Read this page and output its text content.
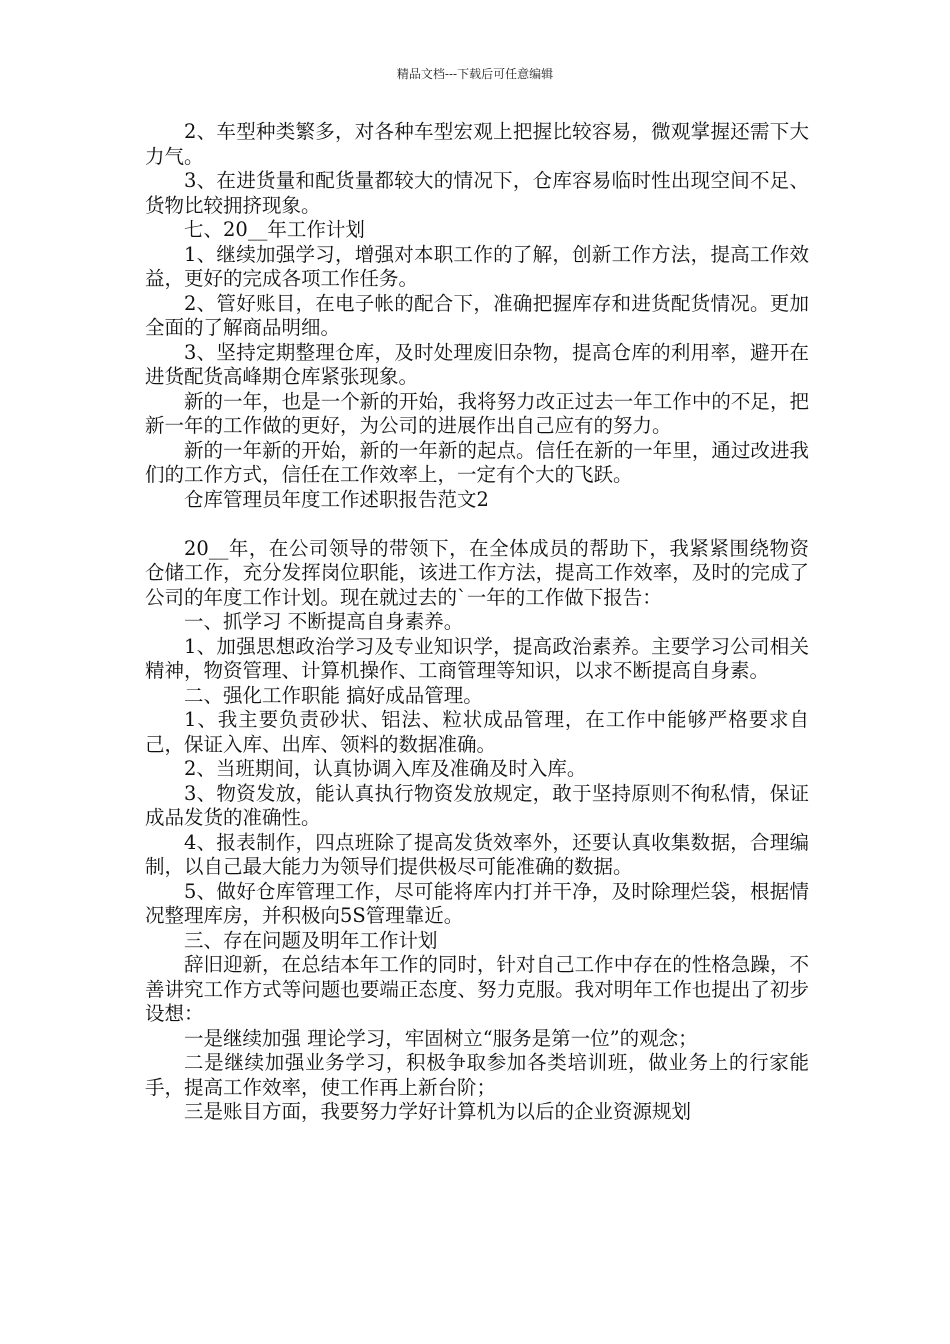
精品文档---下载后可任意编辑

2、车型种类繁多，对各种车型宏观上把握比较容易，微观掌握还需下大力气。

3、在进货量和配货量都较大的情况下，仓库容易临时性出现空间不足、货物比较拥挤现象。

七、20__年工作计划

1、继续加强学习，增强对本职工作的了解，创新工作方法，提高工作效益，更好的完成各项工作任务。

2、管好账目，在电子帐的配合下，准确把握库存和进货配货情况。更加全面的了解商品明细。

3、坚持定期整理仓库，及时处理废旧杂物，提高仓库的利用率，避开在进货配货高峰期仓库紧张现象。

新的一年，也是一个新的开始，我将努力改正过去一年工作中的不足，把新一年的工作做的更好，为公司的进展作出自己应有的努力。

新的一年新的开始，新的一年新的起点。信任在新的一年里，通过改进我们的工作方式，信任在工作效率上，一定有个大的飞跃。

仓库管理员年度工作述职报告范文2

20__年，在公司领导的带领下，在全体成员的帮助下，我紧紧围绕物资仓储工作，充分发挥岗位职能，该进工作方法，提高工作效率，及时的完成了公司的年度工作计划。现在就过去的`一年的工作做下报告：

一、抓学习 不断提高自身素养。

1、加强思想政治学习及专业知识学，提高政治素养。主要学习公司相关精神，物资管理、计算机操作、工商管理等知识，以求不断提高自身素。

二、强化工作职能 搞好成品管理。

1、我主要负责砂状、铝法、粒状成品管理，在工作中能够严格要求自己，保证入库、出库、领料的数据准确。

2、当班期间，认真协调入库及准确及时入库。

3、物资发放，能认真执行物资发放规定，敢于坚持原则不徇私情，保证成品发货的准确性。

4、报表制作，四点班除了提高发货效率外，还要认真收集数据，合理编制，以自己最大能力为领导们提供极尽可能准确的数据。

5、做好仓库管理工作，尽可能将库内打并干净，及时除理烂袋，根据情况整理库房，并积极向5S管理靠近。

三、存在问题及明年工作计划

辞旧迎新，在总结本年工作的同时，针对自己工作中存在的性格急躁，不善讲究工作方式等问题也要端正态度、努力克服。我对明年工作也提出了初步设想：

一是继续加强 理论学习，牢固树立“服务是第一位”的观念；

二是继续加强业务学习，积极争取参加各类培训班，做业务上的行家能手，提高工作效率，使工作再上新台阶；

三是账目方面，我要努力学好计算机为以后的企业资源规划
